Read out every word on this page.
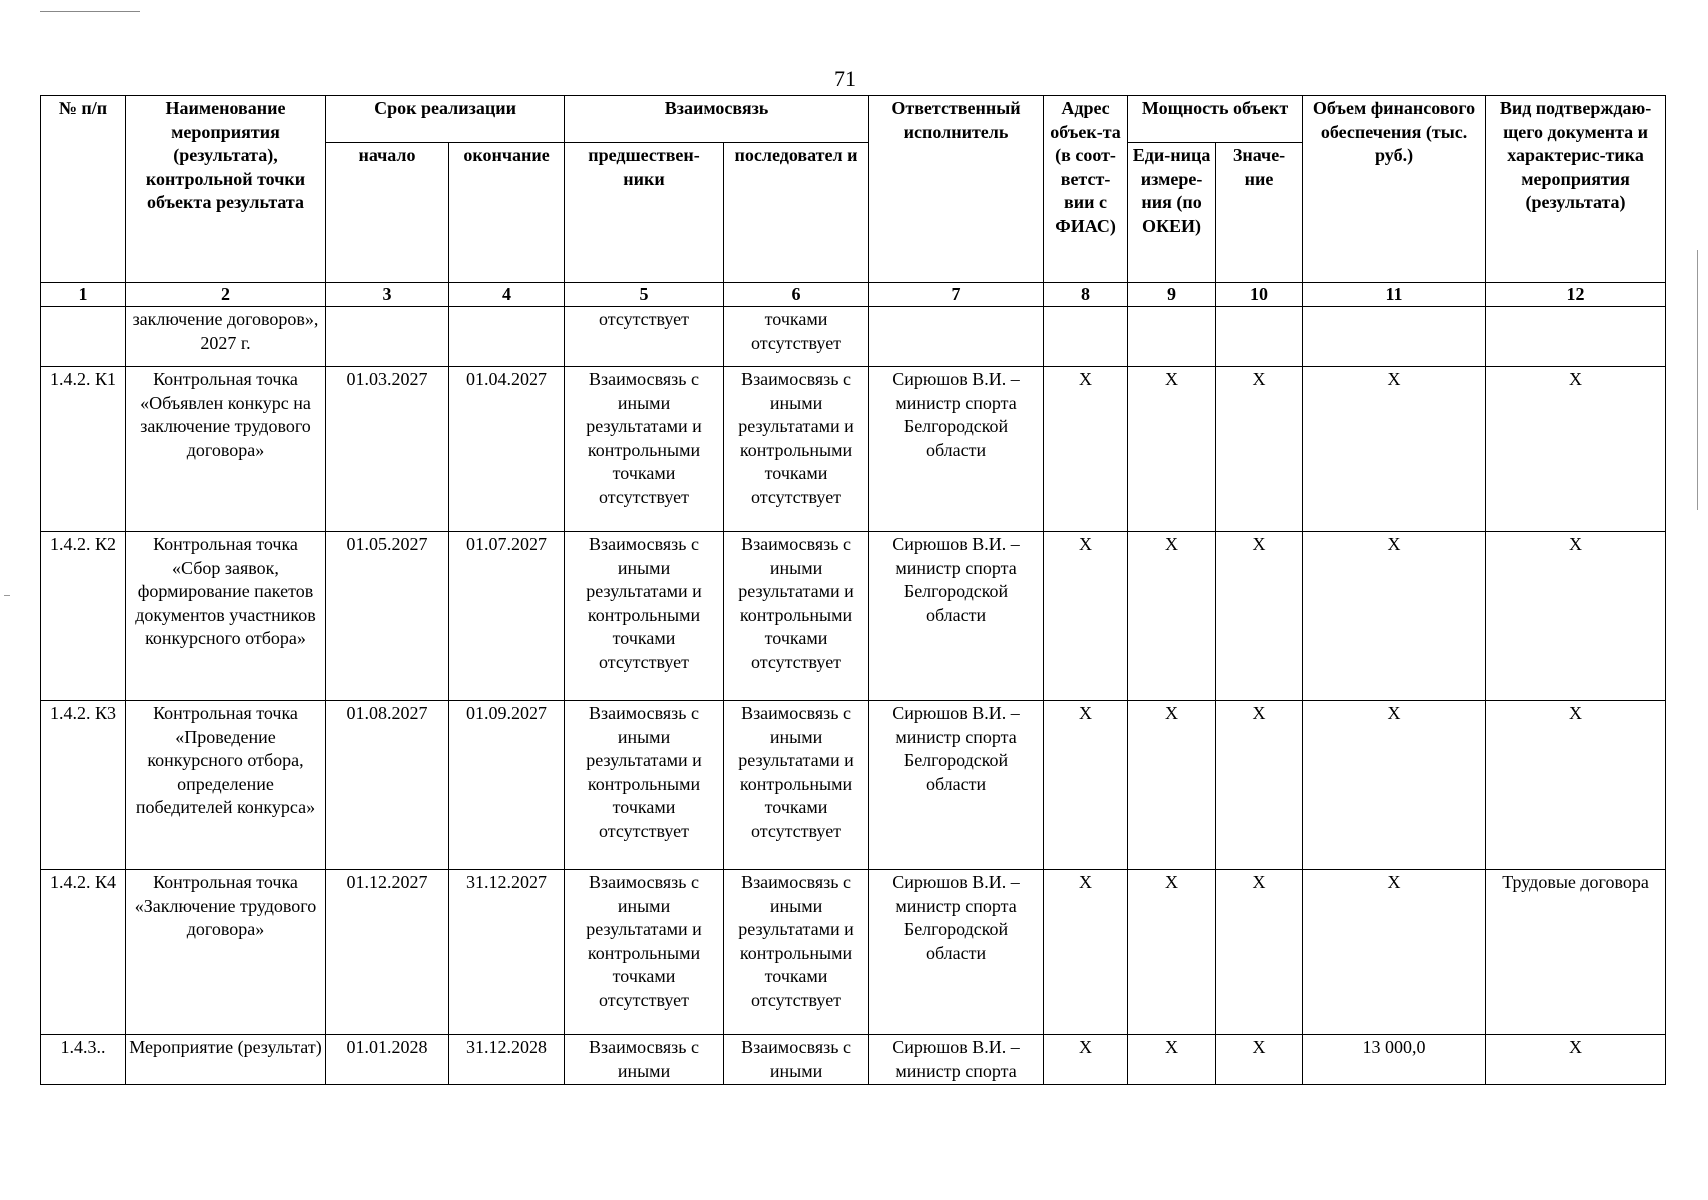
71
№ п/п	Наименование мероприятия (результата), контрольной точки объекта результата	Срок реализации		Взаимосвязь		Ответственный исполнитель	Адрес объек-та (в соот-ветст-вии с ФИАС)	Мощность объект		Объем финансового обеспечения (тыс. руб.)	Вид подтверждаю-щего документа и характерис-тика мероприятия (результата)
		начало	окончание	предшествен-ники	последовател и			Еди-ница измере-ния (по ОКЕИ)	Значе-ние		
1	2	3	4	5	6	7	8	9	10	11	12
	заключение договоров», 2027 г.			отсутствует	точками отсутствует						
1.4.2. К1	Контрольная точка «Объявлен конкурс на заключение трудового договора»	01.03.2027	01.04.2027	Взаимосвязь с иными результатами и контрольными точками отсутствует	Взаимосвязь с иными результатами и контрольными точками отсутствует	Сирюшов В.И. – министр спорта Белгородской области	X	X	X	X	X
1.4.2. К2	Контрольная точка «Сбор заявок, формирование пакетов документов участников конкурсного отбора»	01.05.2027	01.07.2027	Взаимосвязь с иными результатами и контрольными точками отсутствует	Взаимосвязь с иными результатами и контрольными точками отсутствует	Сирюшов В.И. – министр спорта Белгородской области	X	X	X	X	X
1.4.2. К3	Контрольная точка «Проведение конкурсного отбора, определение победителей конкурса»	01.08.2027	01.09.2027	Взаимосвязь с иными результатами и контрольными точками отсутствует	Взаимосвязь с иными результатами и контрольными точками отсутствует	Сирюшов В.И. – министр спорта Белгородской области	X	X	X	X	X
1.4.2. К4	Контрольная точка «Заключение трудового договора»	01.12.2027	31.12.2027	Взаимосвязь с иными результатами и контрольными точками отсутствует	Взаимосвязь с иными результатами и контрольными точками отсутствует	Сирюшов В.И. – министр спорта Белгородской области	X	X	X	X	Трудовые договора
1.4.3..	Мероприятие (результат)	01.01.2028	31.12.2028	Взаимосвязь с иными	Взаимосвязь с иными	Сирюшов В.И. – министр спорта	X	X	X	13 000,0	X
